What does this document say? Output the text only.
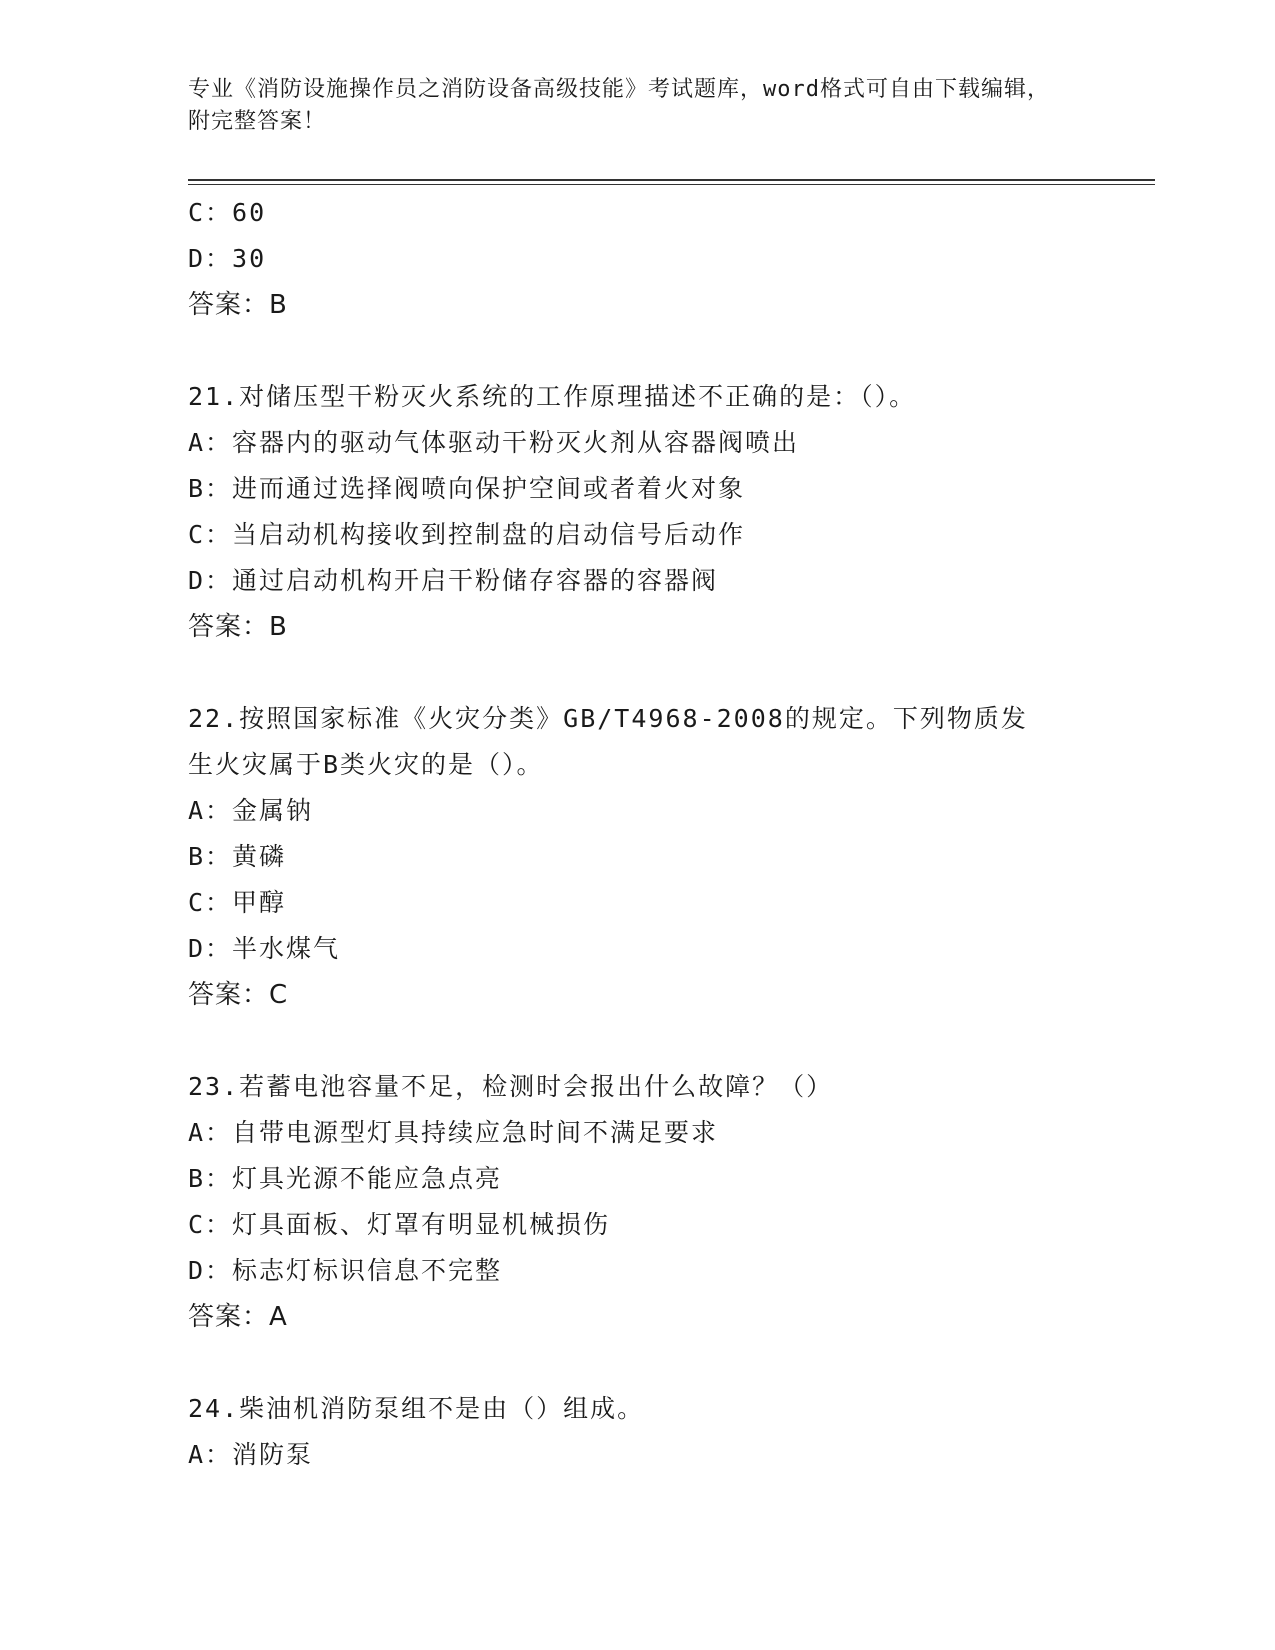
专业《消防设施操作员之消防设备高级技能》考试题库，word格式可自由下载编辑，附完整答案！
C：60
D：30
答案：B
21.对储压型干粉灭火系统的工作原理描述不正确的是：（）。
A：容器内的驱动气体驱动干粉灭火剂从容器阀喷出
B：进而通过选择阀喷向保护空间或者着火对象
C：当启动机构接收到控制盘的启动信号后动作
D：通过启动机构开启干粉储存容器的容器阀
答案：B
22.按照国家标准《火灾分类》GB/T4968-2008的规定。下列物质发生火灾属于B类火灾的是（）。
A：金属钠
B：黄磷
C：甲醇
D：半水煤气
答案：C
23.若蓄电池容量不足，检测时会报出什么故障？（）
A：自带电源型灯具持续应急时间不满足要求
B：灯具光源不能应急点亮
C：灯具面板、灯罩有明显机械损伤
D：标志灯标识信息不完整
答案：A
24.柴油机消防泵组不是由（）组成。
A：消防泵
